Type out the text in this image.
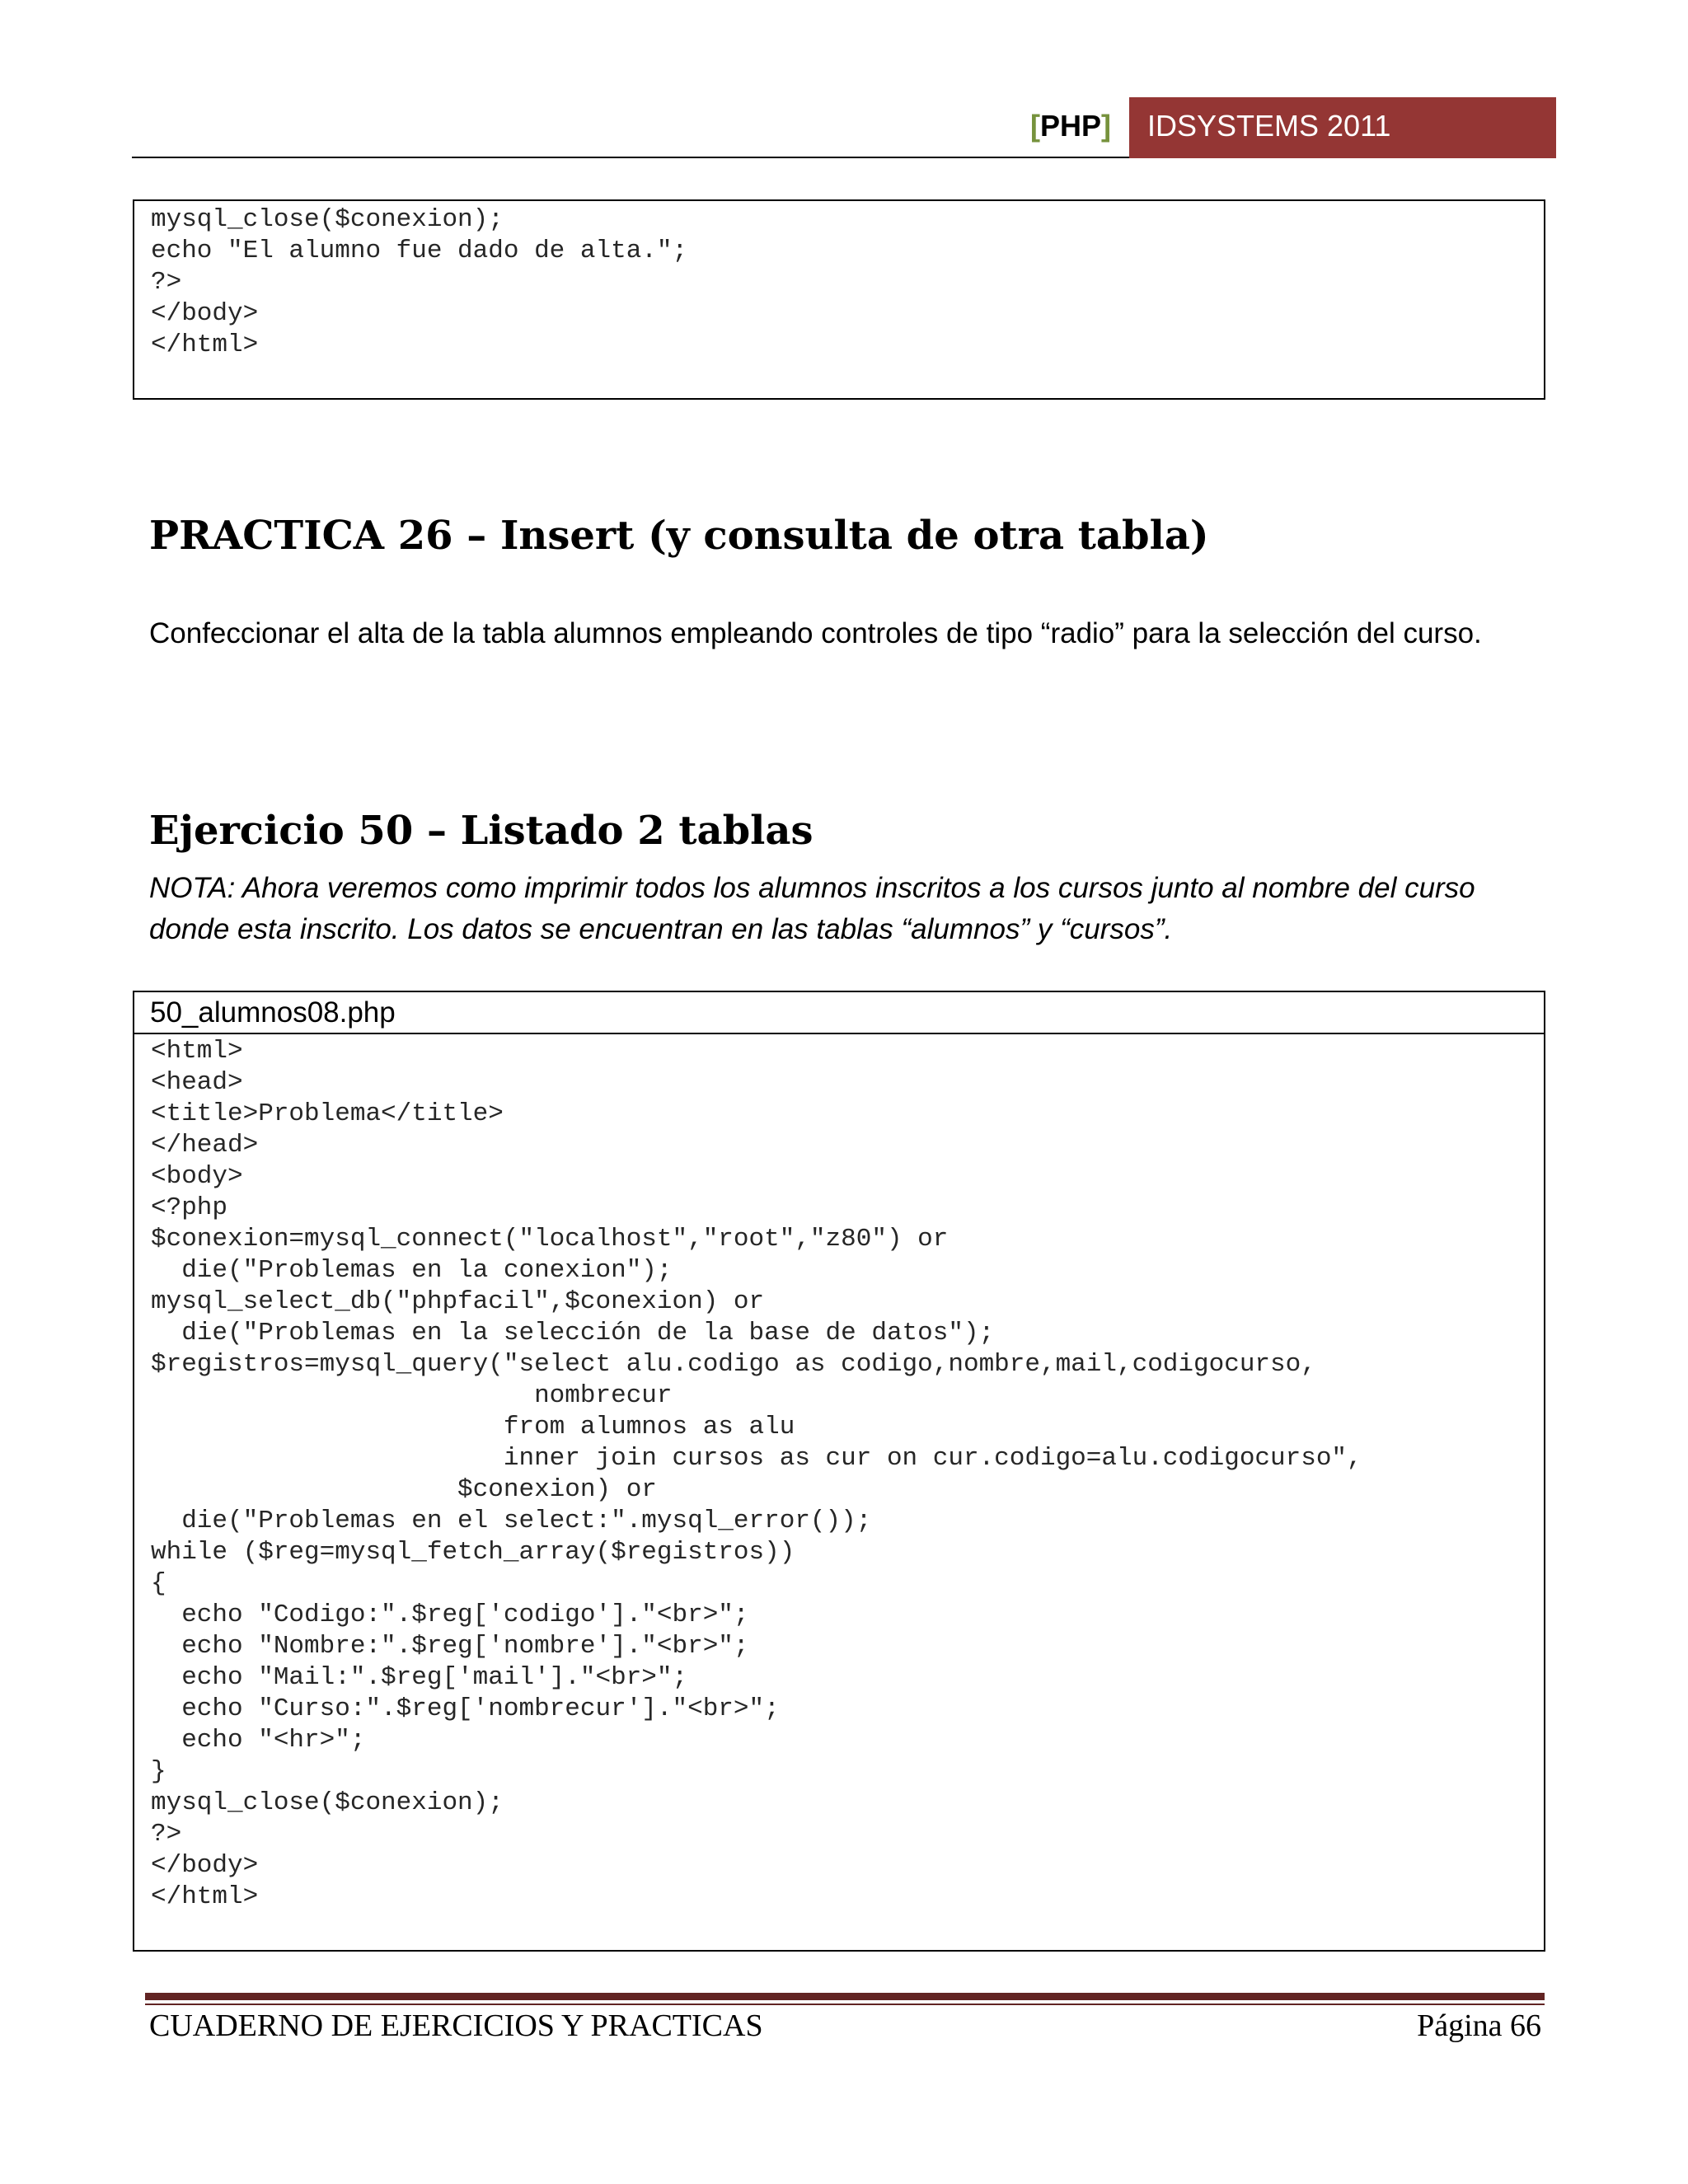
[PHP] IDSYSTEMS 2011
mysql_close($conexion);
echo "El alumno fue dado de alta.";
?>
</body>
</html>

PRACTICA 26 – Insert (y consulta de otra tabla)
Confeccionar el alta de la tabla alumnos empleando controles de tipo “radio” para la selección del curso.
Ejercicio 50 – Listado 2 tablas
NOTA: Ahora veremos como imprimir todos los alumnos inscritos a los cursos junto al nombre del curso donde esta inscrito. Los datos se encuentran en las tablas “alumnos” y “cursos”.
50_alumnos08.php
<html>
<head>
<title>Problema</title>
</head>
<body>
<?php
$conexion=mysql_connect("localhost","root","z80") or
die("Problemas en la conexion");
mysql_select_db("phpfacil",$conexion) or
die("Problemas en la selección de la base de datos");
$registros=mysql_query("select alu.codigo as codigo,nombre,mail,codigocurso,
nombrecur
from alumnos as alu
inner join cursos as cur on cur.codigo=alu.codigocurso",
$conexion) or
die("Problemas en el select:".mysql_error());
while ($reg=mysql_fetch_array($registros))
{
echo "Codigo:".$reg['codigo']."<br>";
echo "Nombre:".$reg['nombre']."<br>";
echo "Mail:".$reg['mail']."<br>";
echo "Curso:".$reg['nombrecur']."<br>";
echo "<hr>";
}
mysql_close($conexion);
?>
</body>
</html>

CUADERNO DE EJERCICIOS Y PRACTICAS	Página 66
